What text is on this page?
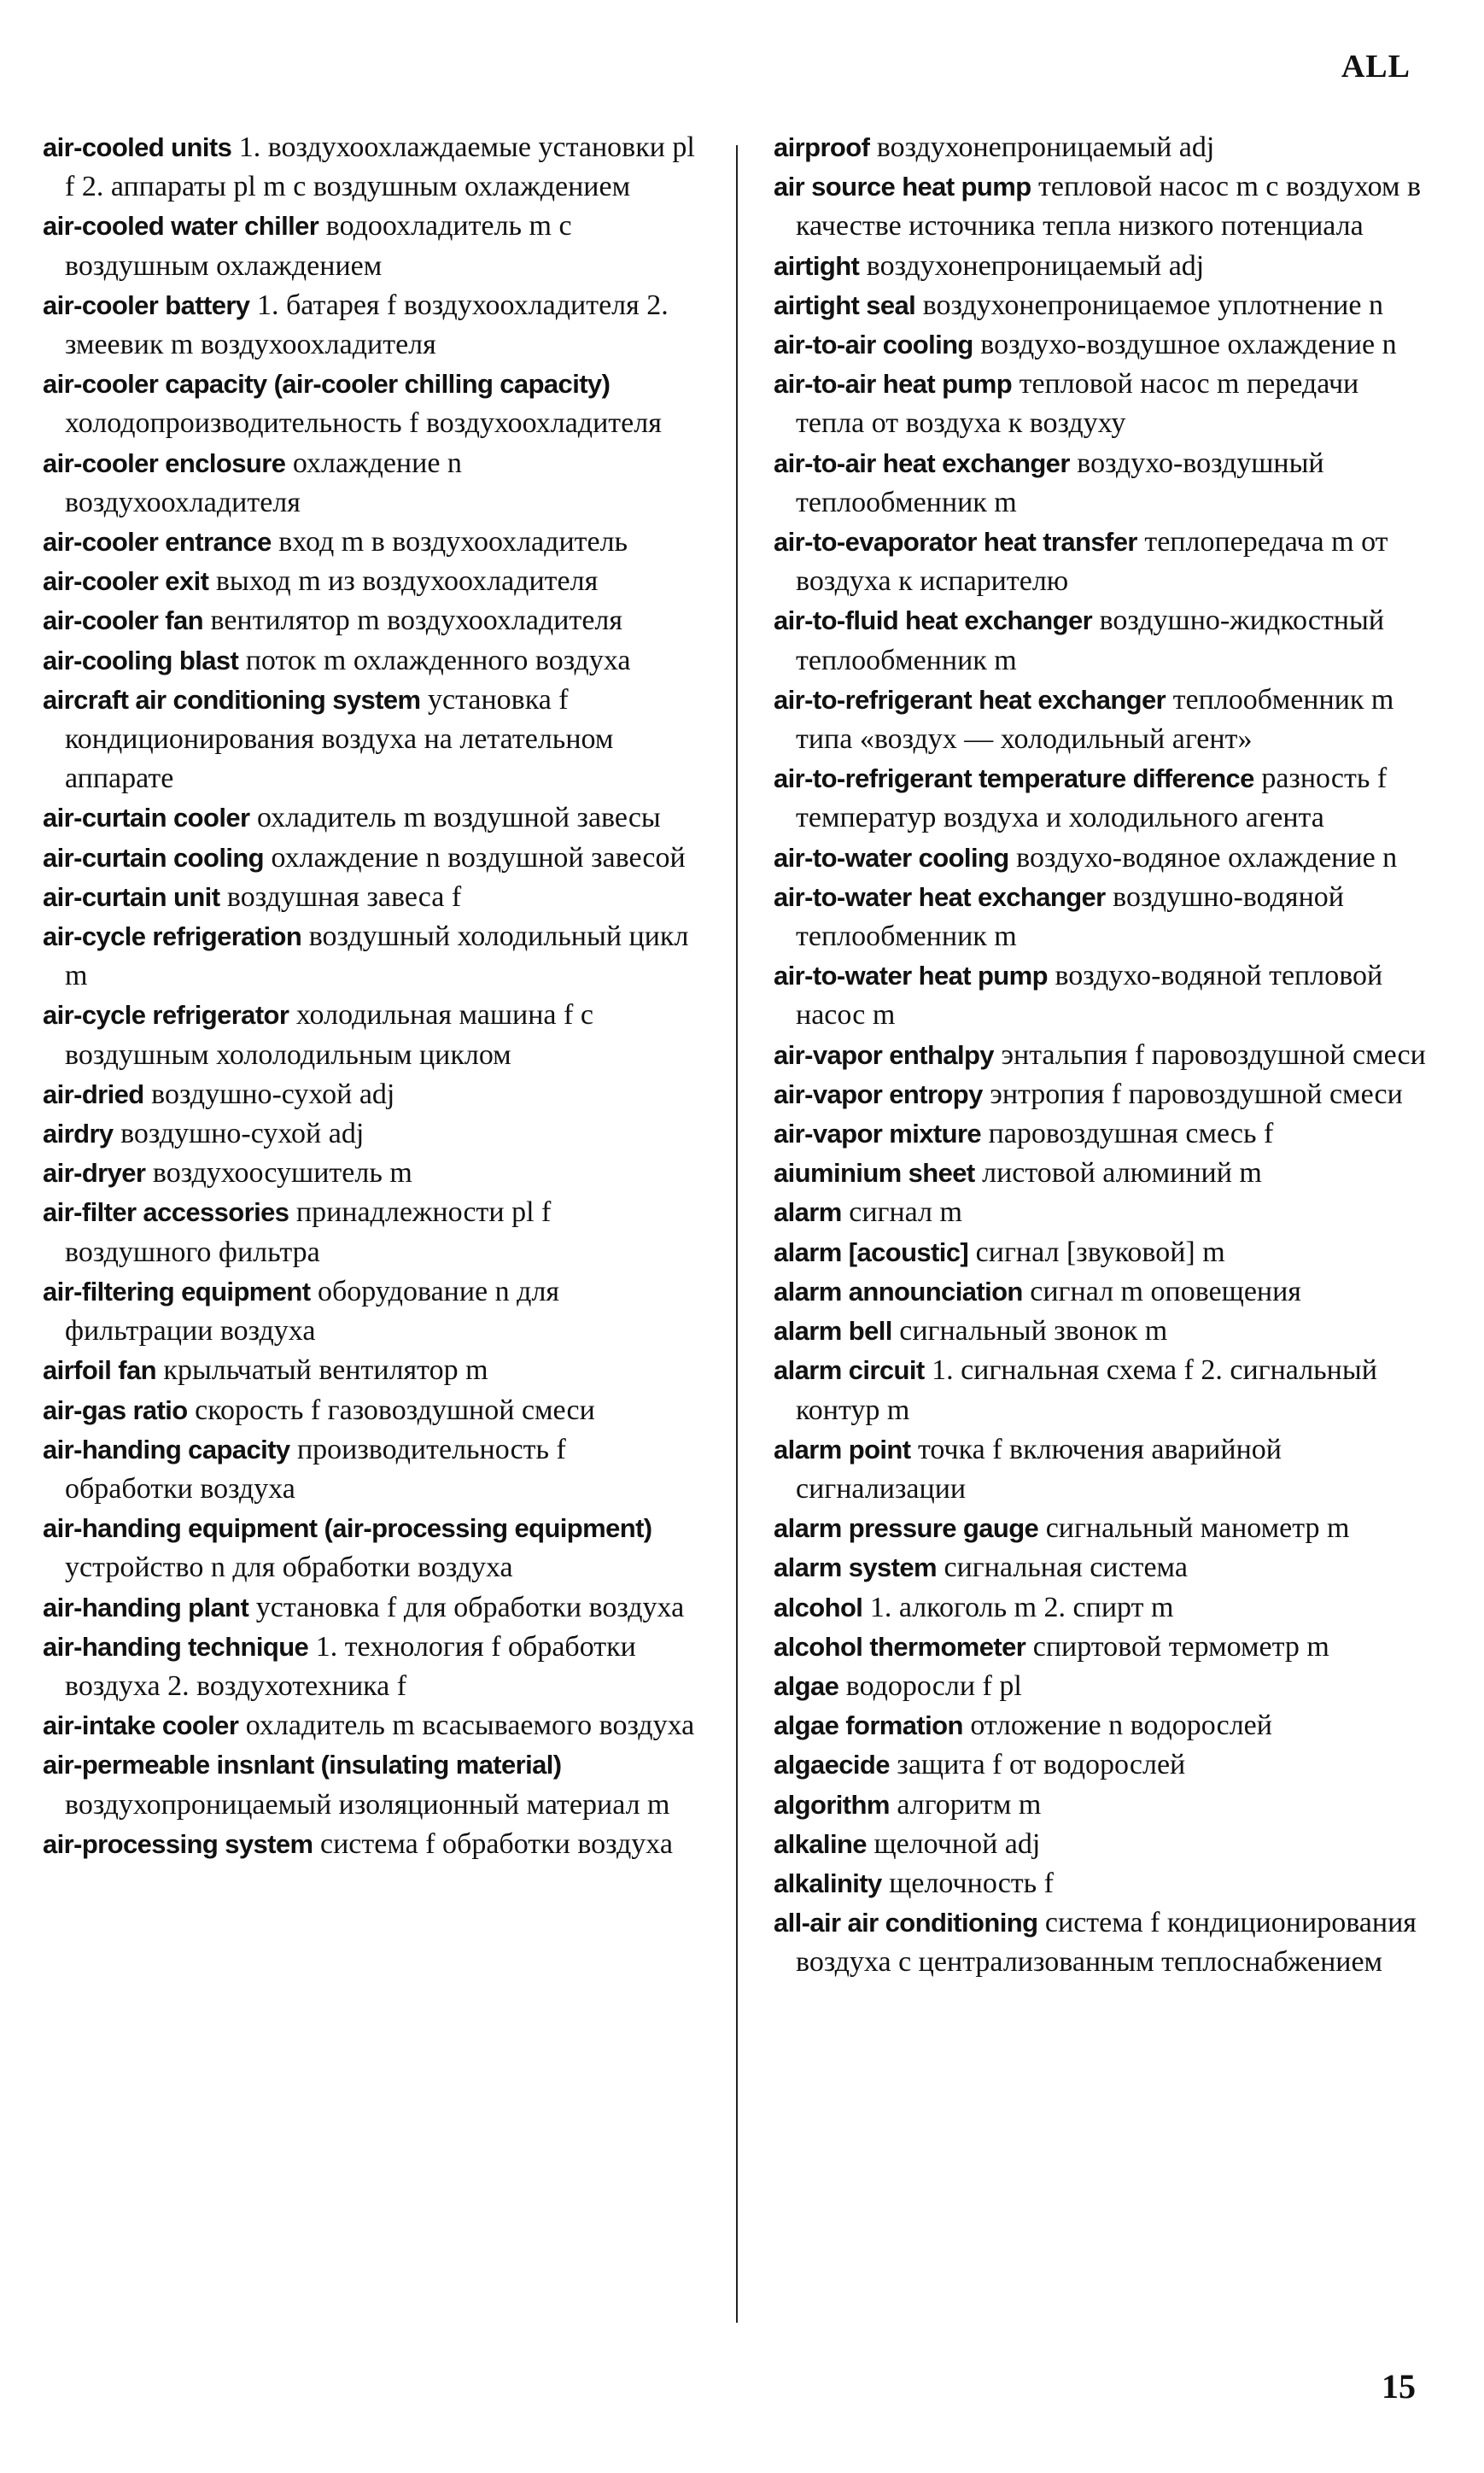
ALL

air-cooled units 1. воздухоохлаждаемые установки pl f 2. аппараты pl m с воздушным охлаждением

air-cooled water chiller водоохладитель m с воздушным охлаждением

air-cooler battery 1. батарея f воздухоохладителя 2. змеевик m воздухоохладителя

air-cooler capacity (air-cooler chilling capacity) холодопроизводительность f воздухоохладителя

air-cooler enclosure охлаждение n воздухоохладителя

air-cooler entrance вход m в воздухоохладитель

air-cooler exit выход m из воздухоохладителя

air-cooler fan вентилятор m воздухоохладителя

air-cooling blast поток m охлажденного воздуха

aircraft air conditioning system установка f кондиционирования воздуха на летательном аппарате

air-curtain cooler охладитель m воздушной завесы

air-curtain cooling охлаждение n воздушной завесой

air-curtain unit воздушная завеса f

air-cycle refrigeration воздушный холодильный цикл m

air-cycle refrigerator холодильная машина f с воздушным хололодильным циклом

air-dried воздушно-сухой adj

airdry воздушно-сухой adj

air-dryer воздухоосушитель m

air-filter accessories принадлежности pl f воздушного фильтра

air-filtering equipment оборудование n для фильтрации воздуха

airfoil fan крыльчатый вентилятор m

air-gas ratio скорость f газовоздушной смеси

air-handing capacity производительность f обработки воздуха

air-handing equipment (air-processing equipment) устройство n для обработки воздуха

air-handing plant установка f для обработки воздуха

air-handing technique 1. технология f обработки воздуха 2. воздухотехника f

air-intake cooler охладитель m всасываемого воздуха

air-permeable insnlant (insulating material) воздухопроницаемый изоляционный материал m

air-processing system система f обработки воздуха

airproof воздухонепроницаемый adj

air source heat pump тепловой насос m с воздухом в качестве источника тепла низкого потенциала

airtight воздухонепроницаемый adj

airtight seal воздухонепроницаемое уплотнение n

air-to-air cooling воздухо-воздушное охлаждение n

air-to-air heat pump тепловой насос m передачи тепла от воздуха к воздуху

air-to-air heat exchanger воздухо-воздушный теплообменник m

air-to-evaporator heat transfer теплопередача m от воздуха к испарителю

air-to-fluid heat exchanger воздушно-жидкостный теплообменник m

air-to-refrigerant heat exchanger теплообменник m типа «воздух — холодильный агент»

air-to-refrigerant temperature difference разность f температур воздуха и холодильного агента

air-to-water cooling воздухо-водяное охлаждение n

air-to-water heat exchanger воздушно-водяной теплообменник m

air-to-water heat pump воздухо-водяной тепловой насос m

air-vapor enthalpy энтальпия f паровоздушной смеси

air-vapor entropy энтропия f паровоздушной смеси

air-vapor mixture паровоздушная смесь f

aiuminium sheet листовой алюминий m

alarm сигнал m

alarm [acoustic] сигнал [звуковой] m

alarm announciation сигнал m оповещения

alarm bell сигнальный звонок m

alarm circuit 1. сигнальная схема f 2. сигнальный контур m

alarm point точка f включения аварийной сигнализации

alarm pressure gauge сигнальный манометр m

alarm system сигнальная система

alcohol 1. алкоголь m 2. спирт m

alcohol thermometer спиртовой термометр m

algae водоросли f pl

algae formation отложение n водорослей

algaecide защита f от водорослей

algorithm алгоритм m

alkaline щелочной adj

alkalinity щелочность f

all-air air conditioning система f кондиционирования воздуха с централизованным теплоснабжением

15
